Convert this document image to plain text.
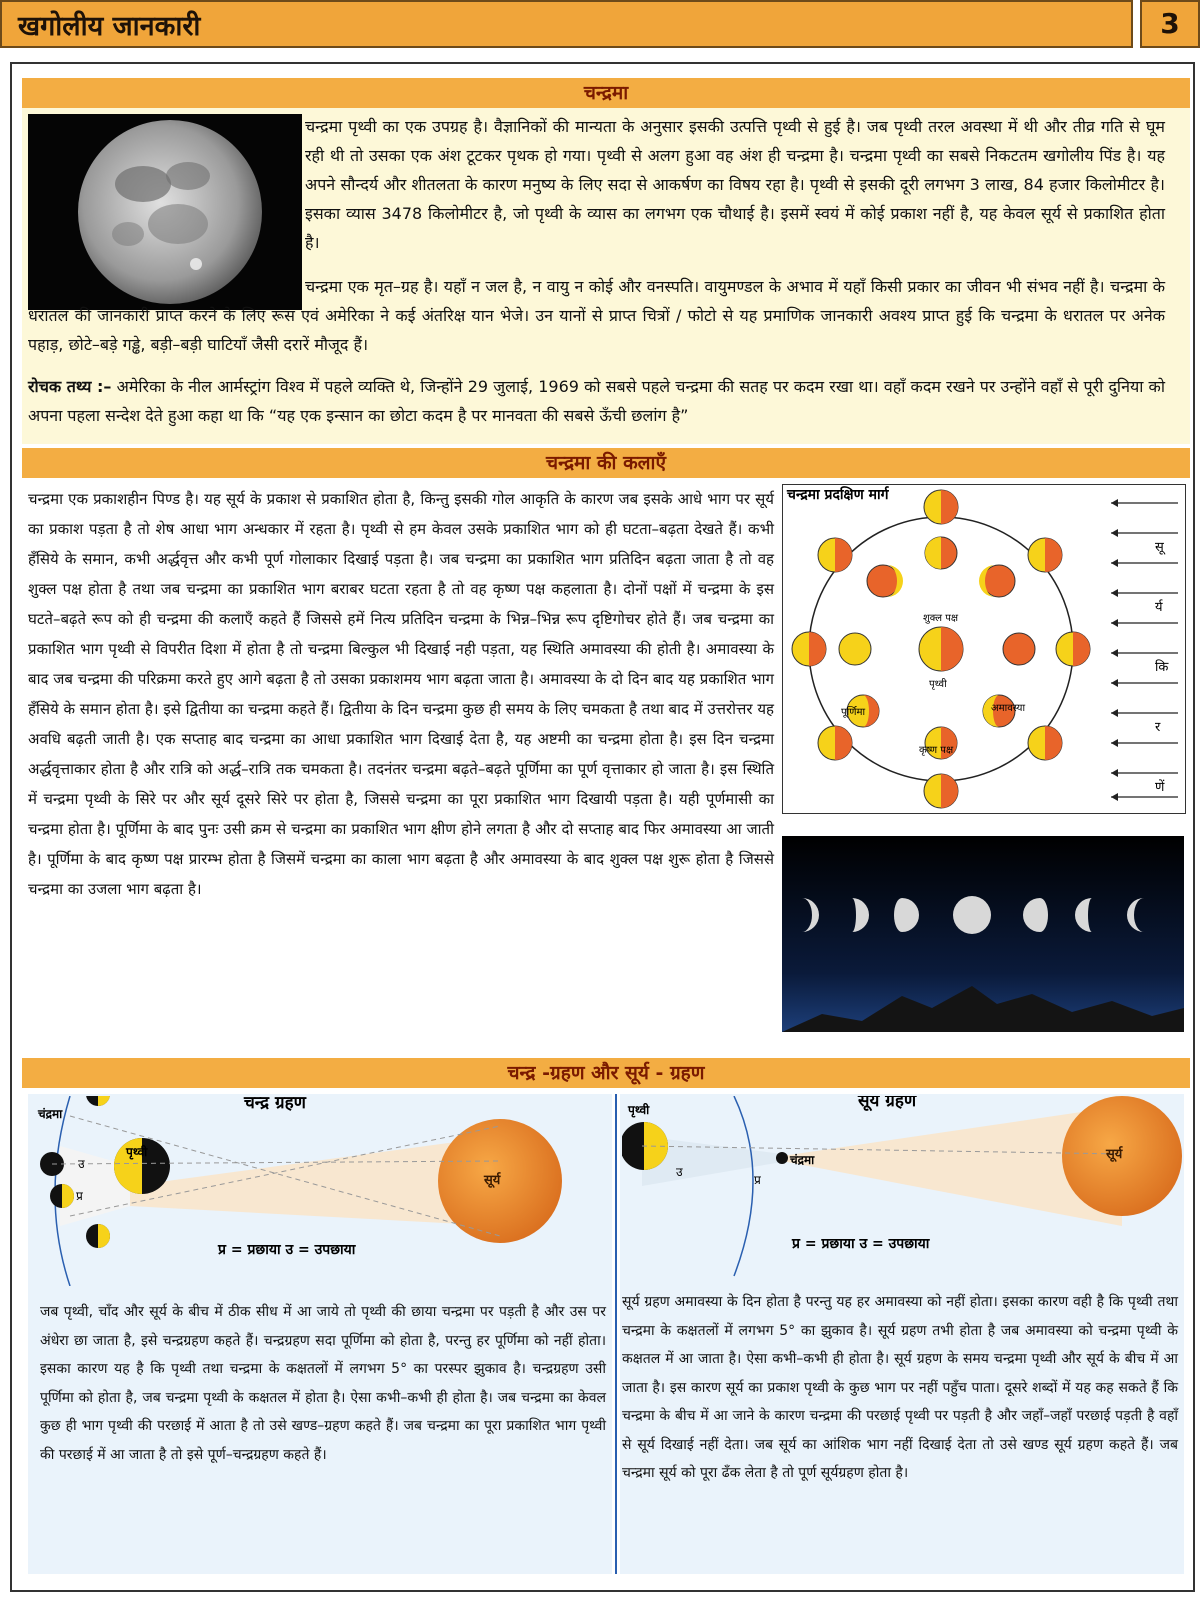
खगोलीय जानकारी	3
चन्द्रमा
चन्द्रमा पृथ्वी का एक उपग्रह है। वैज्ञानिकों की मान्यता के अनुसार इसकी उत्पत्ति पृथ्वी से हुई है। जब पृथ्वी तरल अवस्था में थी और तीव्र गति से घूम रही थी तो उसका एक अंश टूटकर पृथक हो गया। पृथ्वी से अलग हुआ वह अंश ही चन्द्रमा है। चन्द्रमा पृथ्वी का सबसे निकटतम खगोलीय पिंड है। यह अपने सौन्दर्य और शीतलता के कारण मनुष्य के लिए सदा से आकर्षण का विषय रहा है। पृथ्वी से इसकी दूरी लगभग 3 लाख, 84 हजार किलोमीटर है। इसका व्यास 3478 किलोमीटर है, जो पृथ्वी के व्यास का लगभग एक चौथाई है। इसमें स्वयं में कोई प्रकाश नहीं है, यह केवल सूर्य से प्रकाशित होता है।
चन्द्रमा एक मृत–ग्रह है। यहाँ न जल है, न वायु न कोई और वनस्पति। वायुमण्डल के अभाव में यहाँ किसी प्रकार का जीवन भी संभव नहीं है। चन्द्रमा के धरातल की जानकारी प्राप्त करने के लिए रूस एवं अमेरिका ने कई अंतरिक्ष यान भेजे। उन यानों से प्राप्त चित्रों / फोटो से यह प्रमाणिक जानकारी अवश्य प्राप्त हुई कि चन्द्रमा के धरातल पर अनेक पहाड़, छोटे–बड़े गड्ढे, बड़ी–बड़ी घाटियाँ जैसी दरारें मौजूद हैं।
रोचक तथ्य :– अमेरिका के नील आर्मस्ट्रांग विश्व में पहले व्यक्ति थे, जिन्होंने 29 जुलाई, 1969 को सबसे पहले चन्द्रमा की सतह पर कदम रखा था। वहाँ कदम रखने पर उन्होंने वहाँ से पूरी दुनिया को अपना पहला सन्देश देते हुआ कहा था कि “यह एक इन्सान का छोटा कदम है पर मानवता की सबसे ऊँची छलांग है”
चन्द्रमा की कलाएँ
चन्द्रमा एक प्रकाशहीन पिण्ड है। यह सूर्य के प्रकाश से प्रकाशित होता है, किन्तु इसकी गोल आकृति के कारण जब इसके आधे भाग पर सूर्य का प्रकाश पड़ता है तो शेष आधा भाग अन्धकार में रहता है। पृथ्वी से हम केवल उसके प्रकाशित भाग को ही घटता–बढ़ता देखते हैं। कभी हँसिये के समान, कभी अर्द्धवृत्त और कभी पूर्ण गोलाकार दिखाई पड़ता है। जब चन्द्रमा का प्रकाशित भाग प्रतिदिन बढ़ता जाता है तो वह शुक्ल पक्ष होता है तथा जब चन्द्रमा का प्रकाशित भाग बराबर घटता रहता है तो वह कृष्ण पक्ष कहलाता है। दोनों पक्षों में चन्द्रमा के इस घटते–बढ़ते रूप को ही चन्द्रमा की कलाएँ कहते हैं जिससे हमें नित्य प्रतिदिन चन्द्रमा के भिन्न–भिन्न रूप दृष्टिगोचर होते हैं। जब चन्द्रमा का प्रकाशित भाग पृथ्वी से विपरीत दिशा में होता है तो चन्द्रमा बिल्कुल भी दिखाई नही पड़ता, यह स्थिति अमावस्या की होती है। अमावस्या के बाद जब चन्द्रमा की परिक्रमा करते हुए आगे बढ़ता है तो उसका प्रकाशमय भाग बढ़ता जाता है। अमावस्या के दो दिन बाद यह प्रकाशित भाग हँसिये के समान होता है। इसे द्वितीया का चन्द्रमा कहते हैं। द्वितीया के दिन चन्द्रमा कुछ ही समय के लिए चमकता है तथा बाद में उत्तरोत्तर यह अवधि बढ़ती जाती है। एक सप्ताह बाद चन्द्रमा का आधा प्रकाशित भाग दिखाई देता है, यह अष्टमी का चन्द्रमा होता है। इस दिन चन्द्रमा अर्द्धवृत्ताकार होता है और रात्रि को अर्द्ध–रात्रि तक चमकता है। तदनंतर चन्द्रमा बढ़ते–बढ़ते पूर्णिमा का पूर्ण वृत्ताकार हो जाता है। इस स्थिति में चन्द्रमा पृथ्वी के सिरे पर और सूर्य दूसरे सिरे पर होता है, जिससे चन्द्रमा का पूरा प्रकाशित भाग दिखायी पड़ता है। यही पूर्णमासी का चन्द्रमा होता है। पूर्णिमा के बाद पुनः उसी क्रम से चन्द्रमा का प्रकाशित भाग क्षीण होने लगता है और दो सप्ताह बाद फिर अमावस्या आ जाती है। पूर्णिमा के बाद कृष्ण पक्ष प्रारम्भ होता है जिसमें चन्द्रमा का काला भाग बढ़ता है और अमावस्या के बाद शुक्ल पक्ष शुरू होता है जिससे चन्द्रमा का उजला भाग बढ़ता है।
चन्द्रमा प्रदक्षिण मार्ग
शुक्ल पक्ष
पृथ्वी
पूर्णिमा	अमावस्या
कृष्ण पक्ष
सू
र्य
कि
र
णें
चन्द्र -ग्रहण और सूर्य - ग्रहण
चन्द्र ग्रहण
चंद्रमा
पृथ्वी
सूर्य
उ
प्र
प्र = प्रछाया उ = उपछाया
जब पृथ्वी, चाँद और सूर्य के बीच में ठीक सीध में आ जाये तो पृथ्वी की छाया चन्द्रमा पर पड़ती है और उस पर अंधेरा छा जाता है, इसे चन्द्रग्रहण कहते हैं। चन्द्रग्रहण सदा पूर्णिमा को होता है, परन्तु हर पूर्णिमा को नहीं होता। इसका कारण यह है कि पृथ्वी तथा चन्द्रमा के कक्षतलों में लगभग 5° का परस्पर झुकाव है। चन्द्रग्रहण उसी पूर्णिमा को होता है, जब चन्द्रमा पृथ्वी के कक्षतल में होता है। ऐसा कभी–कभी ही होता है। जब चन्द्रमा का केवल कुछ ही भाग पृथ्वी की परछाई में आता है तो उसे खण्ड–ग्रहण कहते हैं। जब चन्द्रमा का पूरा प्रकाशित भाग पृथ्वी की परछाई में आ जाता है तो इसे पूर्ण–चन्द्रग्रहण कहते हैं।
सूर्य ग्रहण
पृथ्वी
चंद्रमा	सूर्य
उ
प्र
प्र = प्रछाया उ = उपछाया
सूर्य ग्रहण अमावस्या के दिन होता है परन्तु यह हर अमावस्या को नहीं होता। इसका कारण वही है कि पृथ्वी तथा चन्द्रमा के कक्षतलों में लगभग 5° का झुकाव है। सूर्य ग्रहण तभी होता है जब अमावस्या को चन्द्रमा पृथ्वी के कक्षतल में आ जाता है। ऐसा कभी–कभी ही होता है। सूर्य ग्रहण के समय चन्द्रमा पृथ्वी और सूर्य के बीच में आ जाता है। इस कारण सूर्य का प्रकाश पृथ्वी के कुछ भाग पर नहीं पहुँच पाता। दूसरे शब्दों में यह कह सकते हैं कि चन्द्रमा के बीच में आ जाने के कारण चन्द्रमा की परछाई पृथ्वी पर पड़ती है और जहाँ–जहाँ परछाई पड़ती है वहाँ से सूर्य दिखाई नहीं देता। जब सूर्य का आंशिक भाग नहीं दिखाई देता तो उसे खण्ड सूर्य ग्रहण कहते हैं। जब चन्द्रमा सूर्य को पूरा ढँक लेता है तो पूर्ण सूर्यग्रहण होता है।
